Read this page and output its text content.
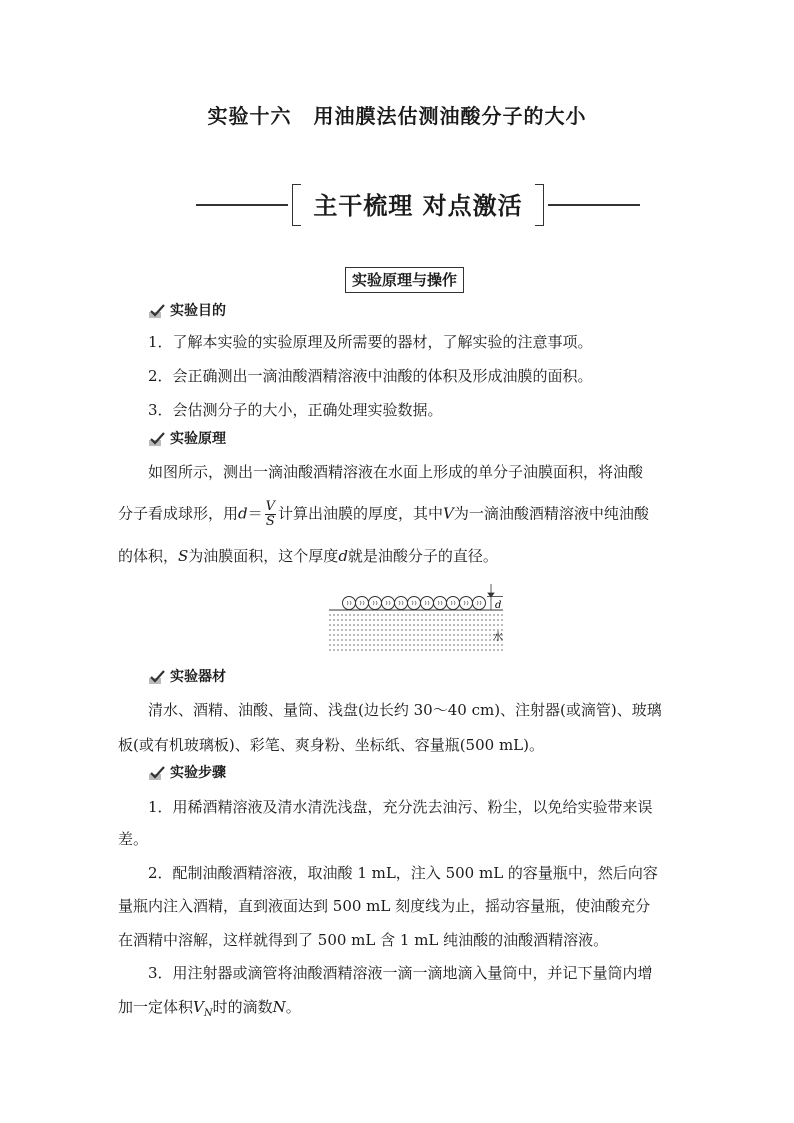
实验十六 用油膜法估测油酸分子的大小
主干梳理 对点激活
实验原理与操作
实验目的
1．了解本实验的实验原理及所需要的器材，了解实验的注意事项。
2．会正确测出一滴油酸酒精溶液中油酸的体积及形成油膜的面积。
3．会估测分子的大小，正确处理实验数据。
实验原理
如图所示，测出一滴油酸酒精溶液在水面上形成的单分子油膜面积，将油酸
分子看成球形，用$d= \frac{V}{S}$ 计算出油膜的厚度，其中V为一滴油酸酒精溶液中纯油酸
的体积，S为油膜面积，这个厚度d就是油酸分子的直径。
d
水
实验器材
清水、酒精、油酸、量筒、浅盘(边长约 30～40 cm)、注射器(或滴管)、玻璃
板(或有机玻璃板)、彩笔、爽身粉、坐标纸、容量瓶(500 mL)。
实验步骤
1．用稀酒精溶液及清水清洗浅盘，充分洗去油污、粉尘，以免给实验带来误
差。
2．配制油酸酒精溶液，取油酸 1 mL，注入 500 mL 的容量瓶中，然后向容
量瓶内注入酒精，直到液面达到 500 mL 刻度线为止，摇动容量瓶，使油酸充分
在酒精中溶解，这样就得到了 500 mL 含 1 mL 纯油酸的油酸酒精溶液。
3．用注射器或滴管将油酸酒精溶液一滴一滴地滴入量筒中，并记下量筒内增
加一定体积$V_N$时的滴数N。
